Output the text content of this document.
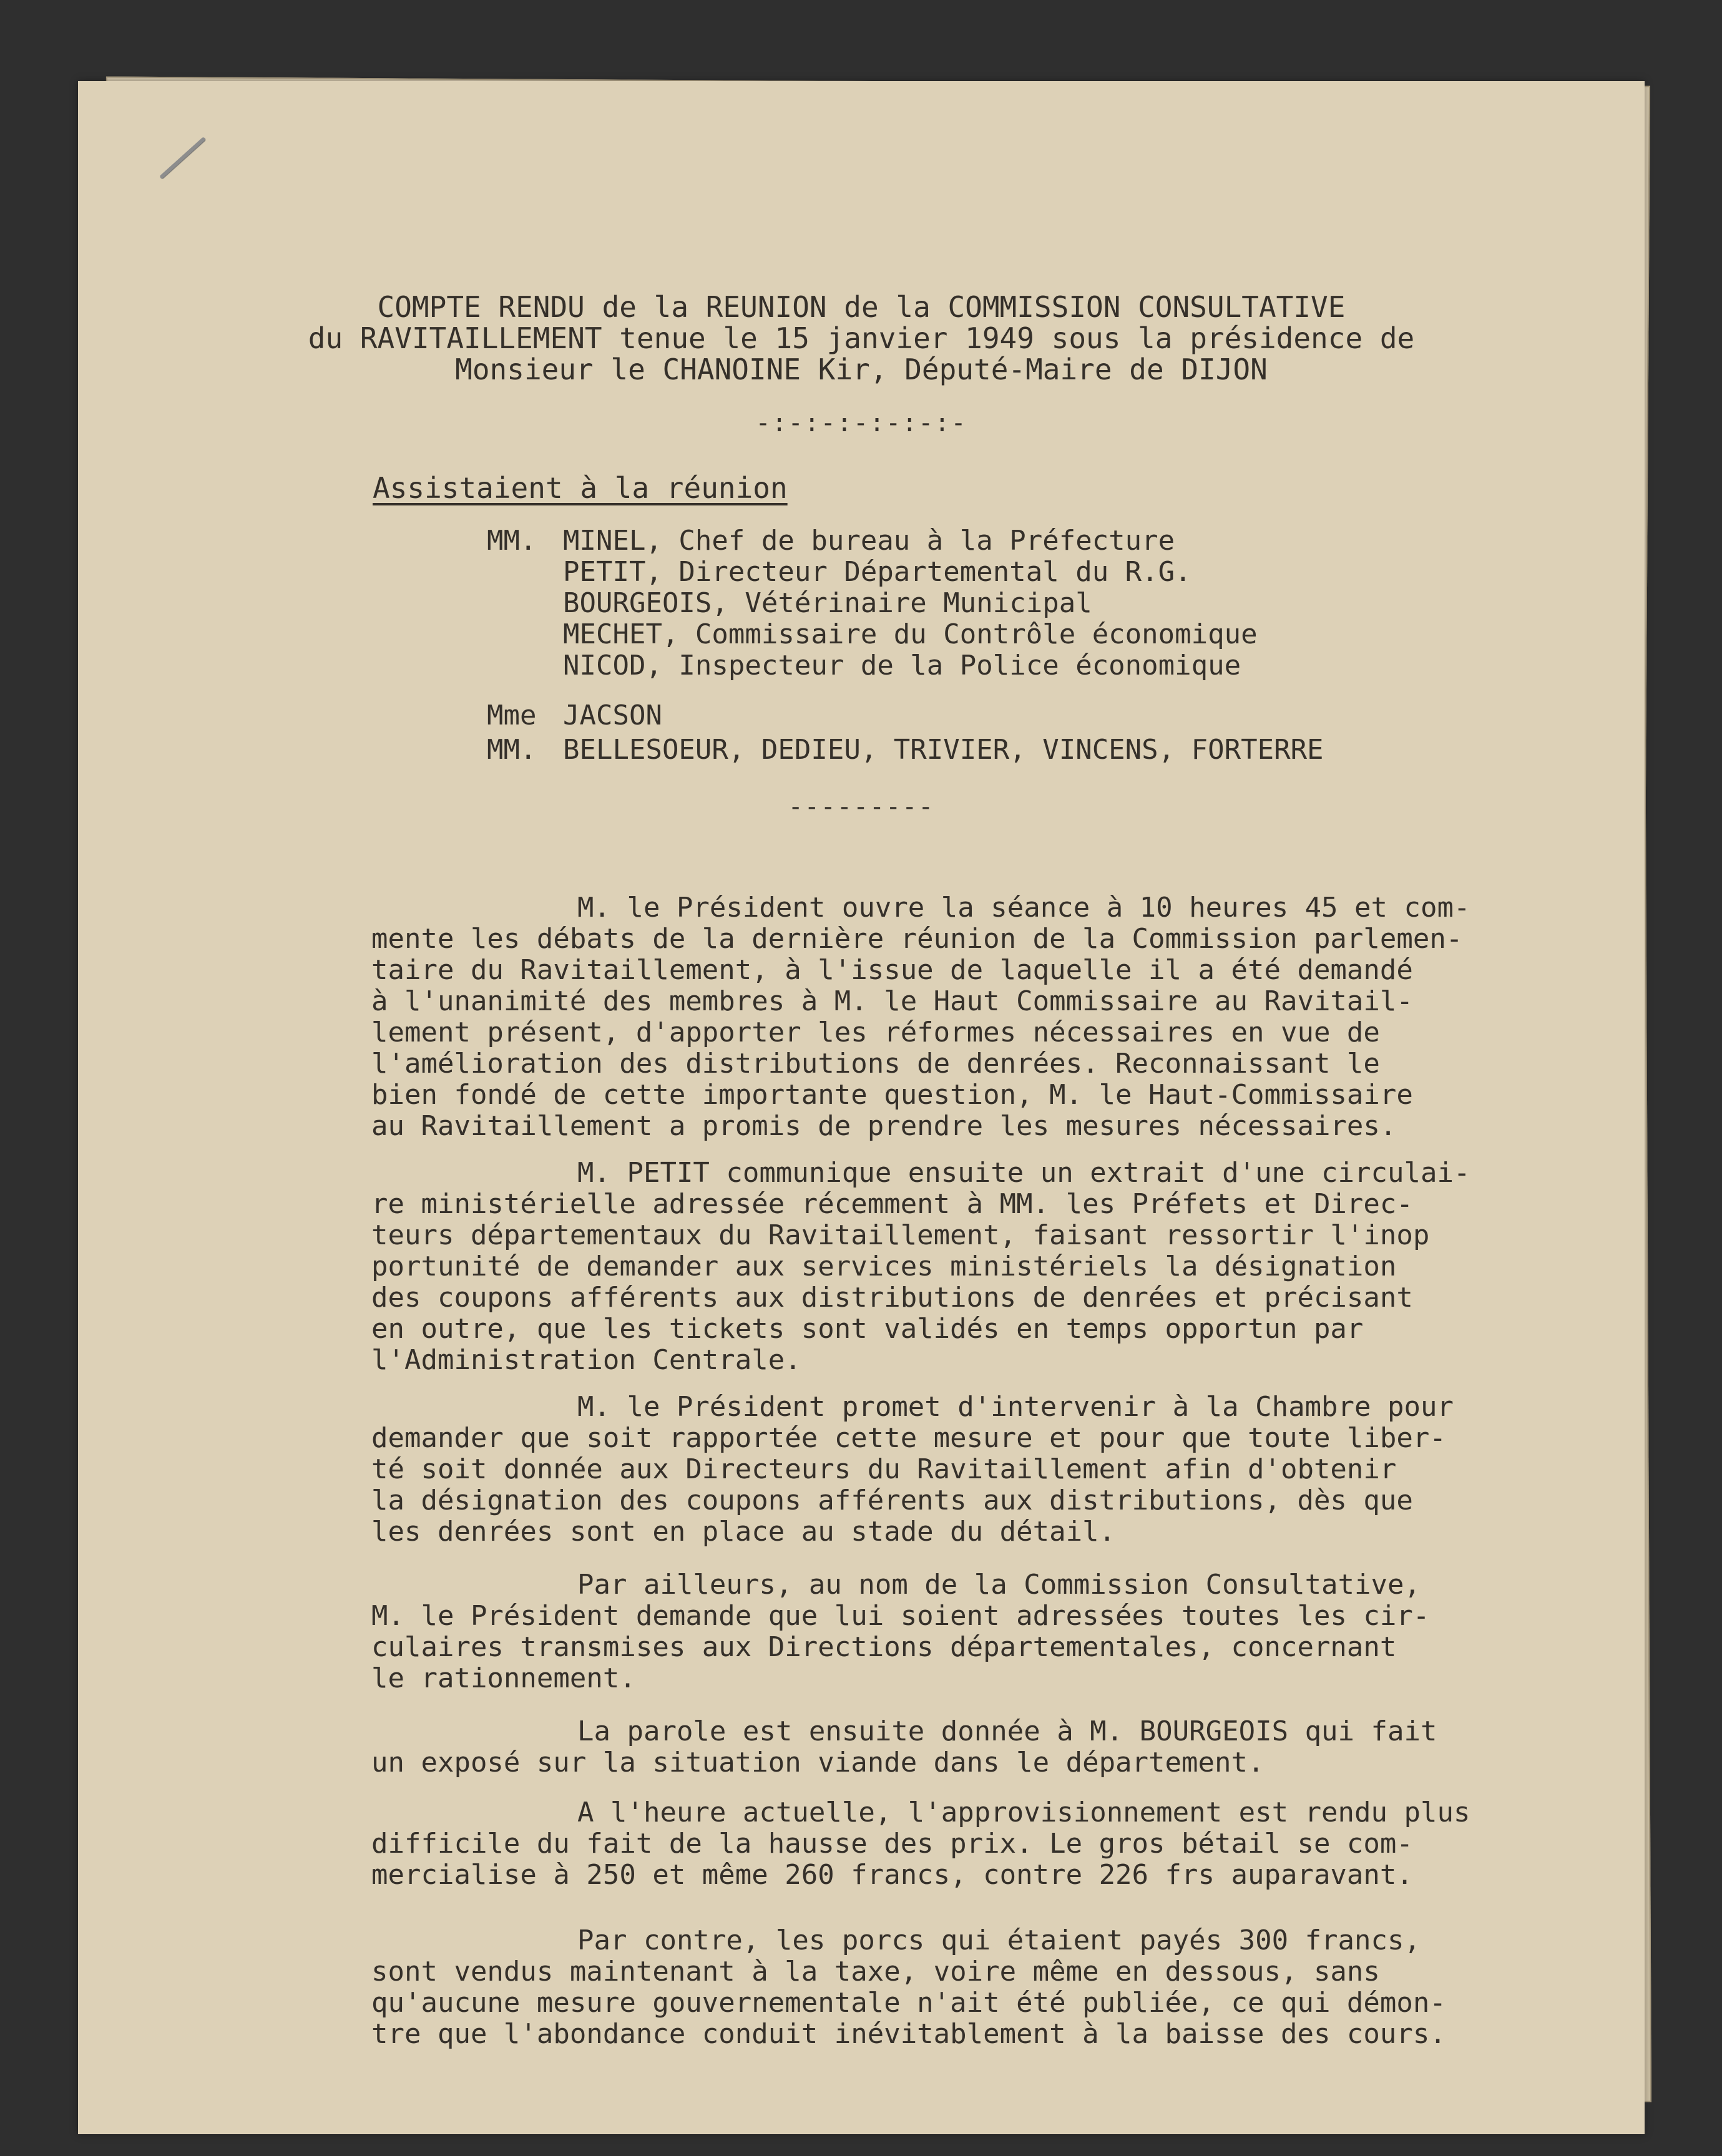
COMPTE RENDU de la REUNION de la COMMISSION CONSULTATIVE
du RAVITAILLEMENT tenue le 15 janvier 1949 sous la présidence de
Monsieur le CHANOINE Kir, Député-Maire de DIJON
-:-:-:-:-:-:-
Assistaient à la réunion
MM. MINEL, Chef de bureau à la Préfecture
PETIT, Directeur Départemental du R.G.
BOURGEOIS, Vétérinaire Municipal
MECHET, Commissaire du Contrôle économique
NICOD, Inspecteur de la Police économique
Mme JACSON
MM. BELLESOEUR, DEDIEU, TRIVIER, VINCENS, FORTERRE
---------
M. le Président ouvre la séance à 10 heures 45 et com-
mente les débats de la dernière réunion de la Commission parlemen-
taire du Ravitaillement, à l'issue de laquelle il a été demandé
à l'unanimité des membres à M. le Haut Commissaire au Ravitail-
lement présent, d'apporter les réformes nécessaires en vue de
l'amélioration des distributions de denrées. Reconnaissant le
bien fondé de cette importante question, M. le Haut-Commissaire
au Ravitaillement a promis de prendre les mesures nécessaires.
M. PETIT communique ensuite un extrait d'une circulai-
re ministérielle adressée récemment à MM. les Préfets et Direc-
teurs départementaux du Ravitaillement, faisant ressortir l'inop
portunité de demander aux services ministériels la désignation
des coupons afférents aux distributions de denrées et précisant
en outre, que les tickets sont validés en temps opportun par
l'Administration Centrale.
M. le Président promet d'intervenir à la Chambre pour
demander que soit rapportée cette mesure et pour que toute liber-
té soit donnée aux Directeurs du Ravitaillement afin d'obtenir
la désignation des coupons afférents aux distributions, dès que
les denrées sont en place au stade du détail.
Par ailleurs, au nom de la Commission Consultative,
M. le Président demande que lui soient adressées toutes les cir-
culaires transmises aux Directions départementales, concernant
le rationnement.
La parole est ensuite donnée à M. BOURGEOIS qui fait
un exposé sur la situation viande dans le département.
A l'heure actuelle, l'approvisionnement est rendu plus
difficile du fait de la hausse des prix. Le gros bétail se com-
mercialise à 250 et même 260 francs, contre 226 frs auparavant.
Par contre, les porcs qui étaient payés 300 francs,
sont vendus maintenant à la taxe, voire même en dessous, sans
qu'aucune mesure gouvernementale n'ait été publiée, ce qui démon-
tre que l'abondance conduit inévitablement à la baisse des cours.
